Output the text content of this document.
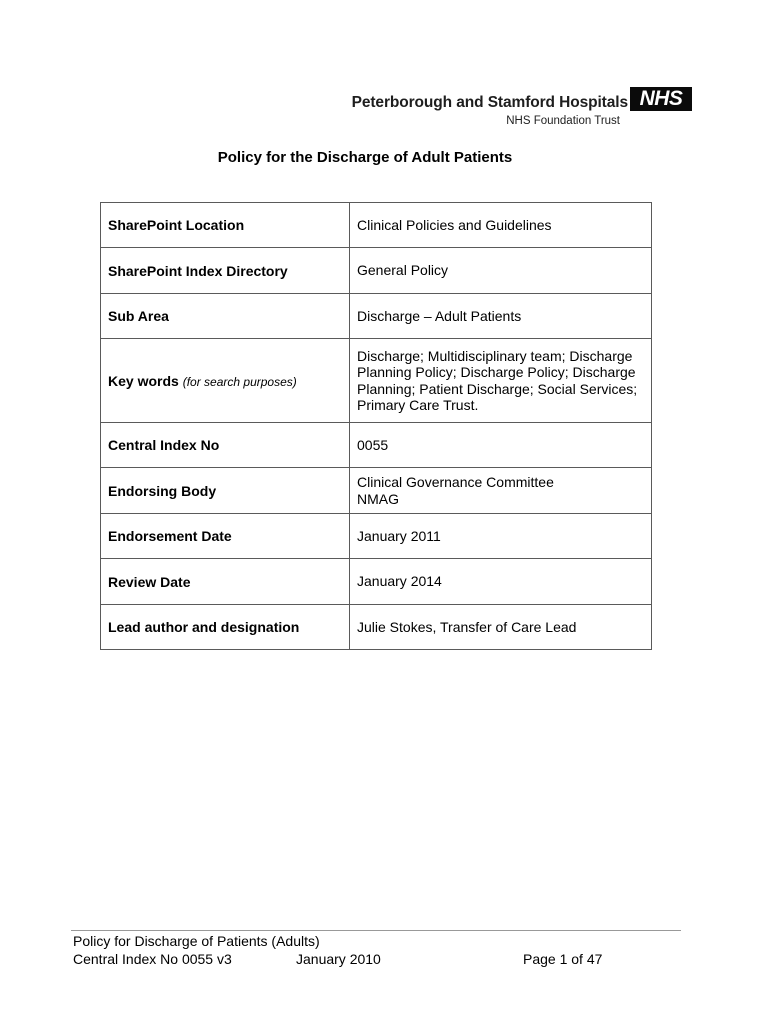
Peterborough and Stamford Hospitals
NHS Foundation Trust
NHS
Policy for the Discharge of Adult Patients
SharePoint Location	Clinical Policies and Guidelines
SharePoint Index Directory	General Policy
Sub Area	Discharge – Adult Patients
Key words (for search purposes)	Discharge; Multidisciplinary team; Discharge Planning Policy; Discharge Policy; Discharge Planning; Patient Discharge; Social Services; Primary Care Trust.
Central Index No	0055
Endorsing Body	Clinical Governance Committee
NMAG

Endorsement Date	January 2011
Review Date	January 2014
Lead author and designation	Julie Stokes, Transfer of Care Lead
Policy for Discharge of Patients (Adults)
Central Index No 0055 v3	January 2010	Page 1 of 47
